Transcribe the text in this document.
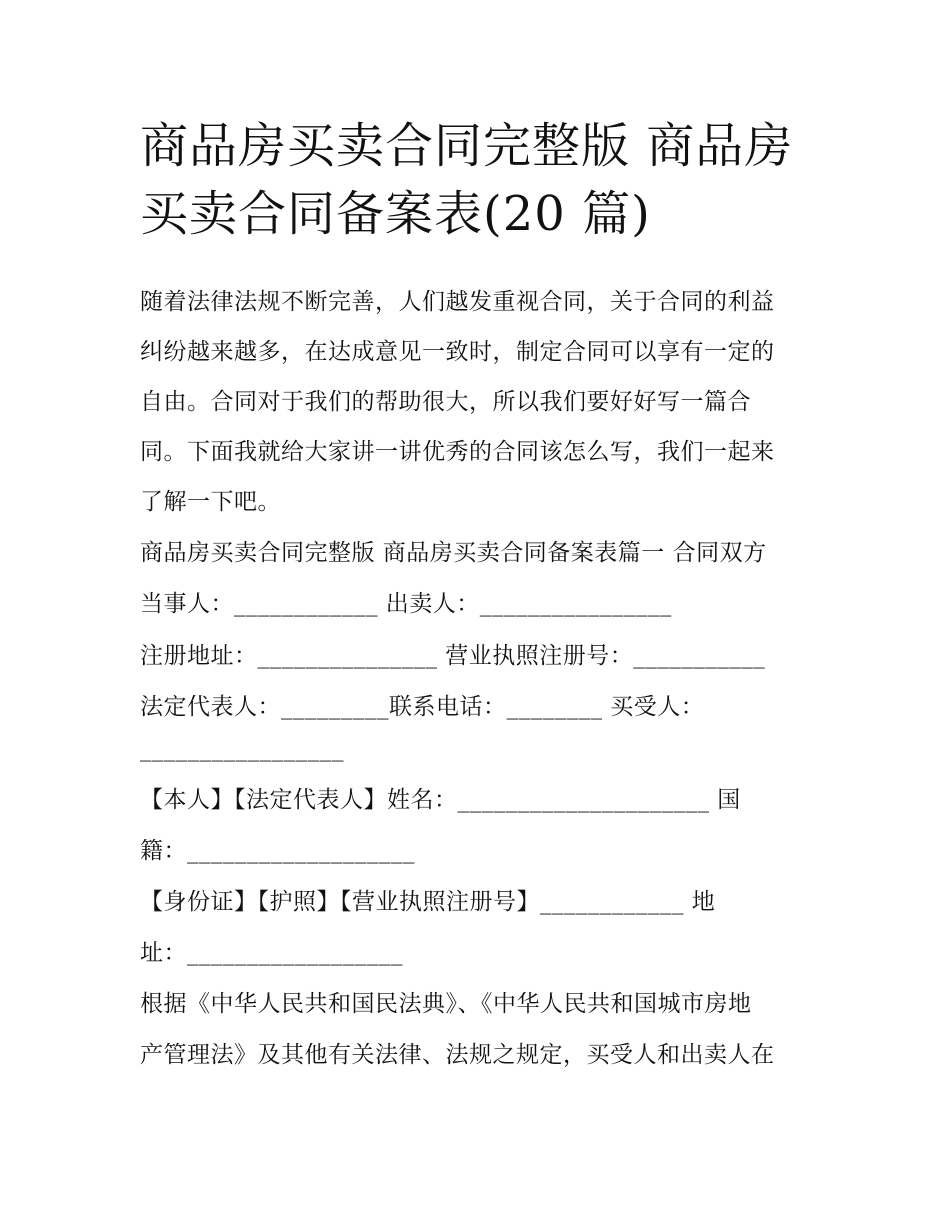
商品房买卖合同完整版 商品房
买卖合同备案表(20 篇)
随着法律法规不断完善，人们越发重视合同，关于合同的利益
纠纷越来越多，在达成意见一致时，制定合同可以享有一定的
自由。合同对于我们的帮助很大，所以我们要好好写一篇合
同。下面我就给大家讲一讲优秀的合同该怎么写，我们一起来
了解一下吧。
商品房买卖合同完整版 商品房买卖合同备案表篇一 合同双方
当事人：____________ 出卖人：________________
注册地址：_______________ 营业执照注册号：___________
法定代表人：_________联系电话：________ 买受人：
_________________
【本人】【法定代表人】姓名：_____________________ 国
籍：___________________
【身份证】【护照】【营业执照注册号】____________ 地
址：__________________
根据《中华人民共和国民法典》、《中华人民共和国城市房地
产管理法》及其他有关法律、法规之规定，买受人和出卖人在
